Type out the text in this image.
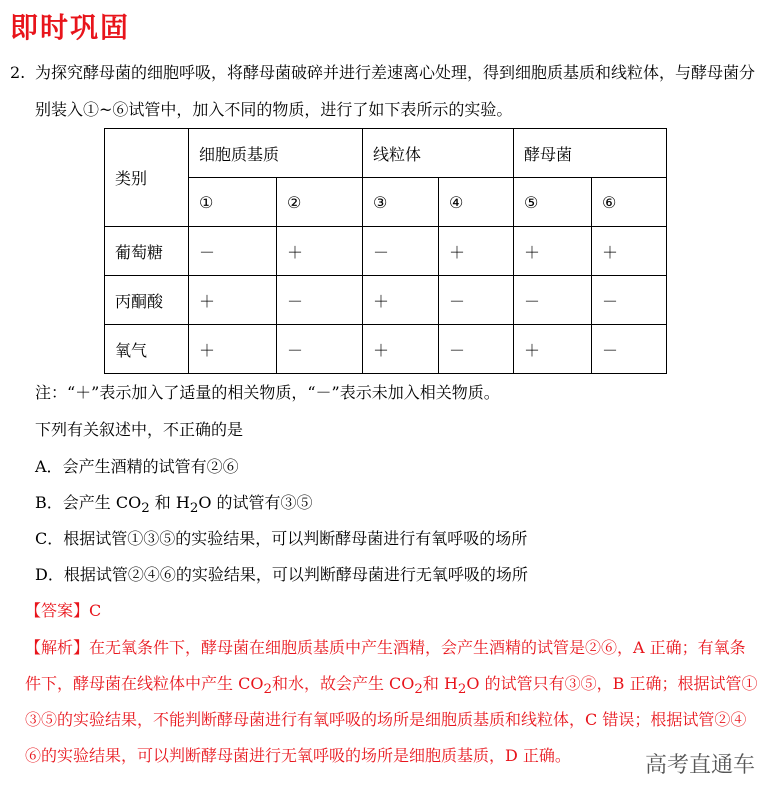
即时巩固
2. 为探究酵母菌的细胞呼吸，将酵母菌破碎并进行差速离心处理，得到细胞质基质和线粒体，与酵母菌分
别装入①~⑥试管中，加入不同的物质，进行了如下表所示的实验。
类别	细胞质基质		线粒体		酵母菌	
	①	②	③	④	⑤	⑥
葡萄糖	－	＋	－	＋	＋	＋
丙酮酸	＋	－	＋	－	－	－
氧气	＋	－	＋	－	＋	－
注：“＋”表示加入了适量的相关物质，“－”表示未加入相关物质。
下列有关叙述中，不正确的是
A．会产生酒精的试管有②⑥
B．会产生 $CO_2$ 和 $H_2O$ 的试管有③⑤
C．根据试管①③⑤的实验结果，可以判断酵母菌进行有氧呼吸的场所
D．根据试管②④⑥的实验结果，可以判断酵母菌进行无氧呼吸的场所
【答案】C
【解析】在无氧条件下，酵母菌在细胞质基质中产生酒精，会产生酒精的试管是②⑥，A 正确；有氧条
件下，酵母菌在线粒体中产生 $CO_2$和水，故会产生 $CO_2$和 $H_2O$ 的试管只有③⑤，B 正确；根据试管①
③⑤的实验结果，不能判断酵母菌进行有氧呼吸的场所是细胞质基质和线粒体，C 错误；根据试管②④
⑥的实验结果，可以判断酵母菌进行无氧呼吸的场所是细胞质基质，D 正确。	高考直通车
